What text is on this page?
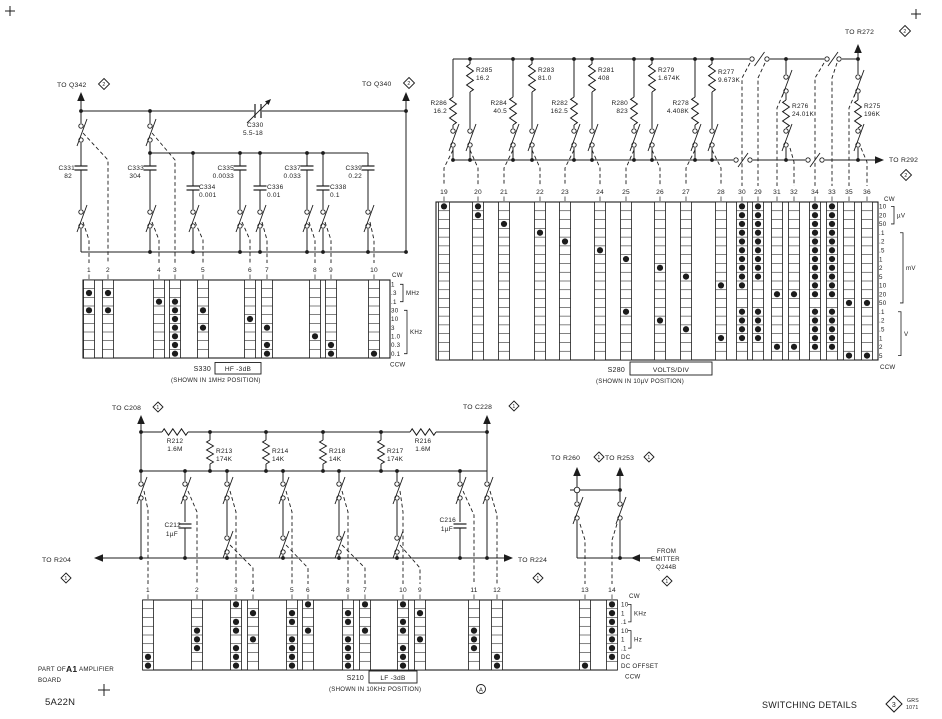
TO Q342	2	TO Q340	2
C330
5.5-18
C331
82
C333
304
C334
0.001
C335
0.0033
C336
0.01
C337
0.033
C338
0.1
C339
0.22
TO R272	2
TO R292
2
R285
16.2
R283
81.0
R281
408
R279
1.674K
R277
9.673K
R286
16.2
R284
40.5
R282
162.5
R280
823
R278
4.408K
R276
24.01K
R275
196K
TO C208	1	TO C228	1
R212
1.6M
R216
1.6M
R213
174K
R214
14K
R218
14K
R217
174K
C212
1µF
C216
1µF
TO R204
1
TO R224
1
TO R260	1 TO R253	1
FROM
EMITTER
Q244B
1
1 2	4 3	5	6 7	8 9	10
1
.3
.1
30
10
3
1.0
0.3
0.1
CW
CCW
MHz
KHz
S330 HF -3dB
(SHOWN IN 1MHz POSITION)
19	20	21	22	23	24	25	26	27	28 30 29 31 32 34 33 35 36
10
20
50
.1
.2
.5
1
2
5
10
20
50
.1
.2
.5
1
2
5
CW
CCW
µV
mV
V
S280	VOLTS/DIV
(SHOWN IN 10µV POSITION)
1	2	3 4	5 6	8 7	10 9	11 12	13	14
10
1
.1
10
1
.1
DC
DC OFFSET
CW
CCW
KHz
Hz
S210 LF -3dB
(SHOWN IN 10KHz POSITION)
PART OF A1 AMPLIFIER
BOARD
5A22N	SWITCHING DETAILS	3
GRS
1071
A
